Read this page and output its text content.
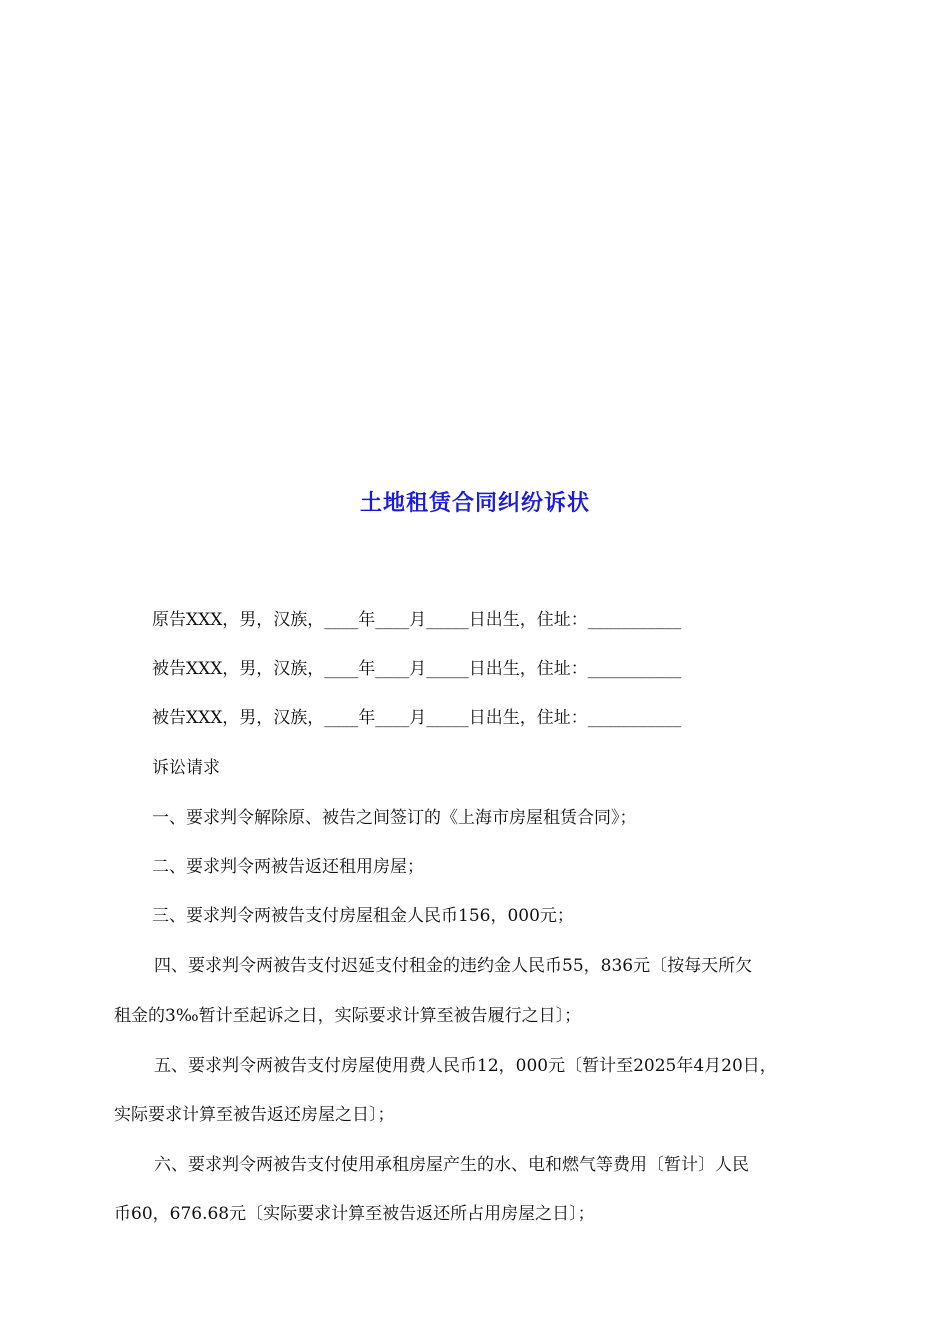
土地租赁合同纠纷诉状

原告XXX，男，汉族，____年____月_____日出生，住址：___________

被告XXX，男，汉族，____年____月_____日出生，住址：___________

被告XXX，男，汉族，____年____月_____日出生，住址：___________

诉讼请求

一、要求判令解除原、被告之间签订的《上海市房屋租赁合同》；

二、要求判令两被告返还租用房屋；

三、要求判令两被告支付房屋租金人民币156，000元；

四、要求判令两被告支付迟延支付租金的违约金人民币55，836元〔按每天所欠

租金的3‰暂计至起诉之日，实际要求计算至被告履行之日〕；

五、要求判令两被告支付房屋使用费人民币12，000元〔暂计至2025年4月20日，

实际要求计算至被告返还房屋之日〕；

六、要求判令两被告支付使用承租房屋产生的水、电和燃气等费用〔暂计〕人民

币60，676.68元〔实际要求计算至被告返还所占用房屋之日〕；
